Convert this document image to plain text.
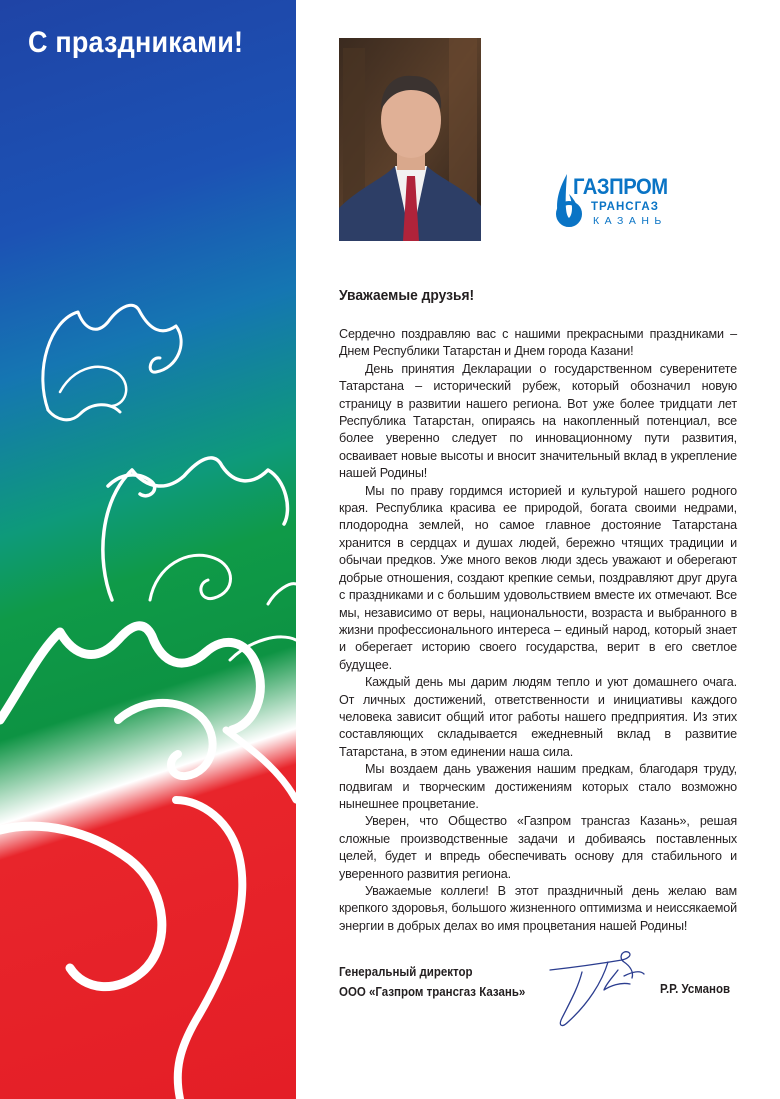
С праздниками!
ГАЗПРОМ
ТРАНСГАЗ
КАЗАНЬ
Уважаемые друзья!

Сердечно поздравляю вас с нашими прекрасными праздниками – Днем Республики Татарстан и Днем города Казани!

День принятия Декларации о государственном суверенитете Татарстана – исторический рубеж, который обозначил новую страницу в развитии нашего региона. Вот уже более тридцати лет Республика Татарстан, опираясь на накопленный потенциал, все более уверенно следует по инновационному пути развития, осваивает новые высоты и вносит значительный вклад в укрепление нашей Родины!

Мы по праву гордимся историей и культурой нашего родного края. Республика красива ее природой, богата своими недрами, плодородна землей, но самое главное достояние Татарстана хранится в сердцах и душах людей, бережно чтящих традиции и обычаи предков. Уже много веков люди здесь уважают и оберегают добрые отношения, создают крепкие семьи, поздравляют друг друга с праздниками и с большим удовольствием вместе их отмечают. Все мы, независимо от веры, национальности, возраста и выбранного в жизни профессионального интереса – единый народ, который знает и оберегает историю своего государства, верит в его светлое будущее.

Каждый день мы дарим людям тепло и уют домашнего очага. От личных достижений, ответственности и инициативы каждого человека зависит общий итог работы нашего предприятия. Из этих составляющих складывается ежедневный вклад в развитие Татарстана, в этом единении наша сила.

Мы воздаем дань уважения нашим предкам, благодаря труду, подвигам и творческим достижениям которых стало возможно нынешнее процветание.

Уверен, что Общество «Газпром трансгаз Казань», решая сложные производственные задачи и добиваясь поставленных целей, будет и впредь обеспечивать основу для стабильного и уверенного развития региона.

Уважаемые коллеги! В этот праздничный день желаю вам крепкого здоровья, большого жизненного оптимизма и неиссякаемой энергии в добрых делах во имя процветания нашей Родины!

Генеральный директор
ООО «Газпром трансгаз Казань»	Р.Р. Усманов
